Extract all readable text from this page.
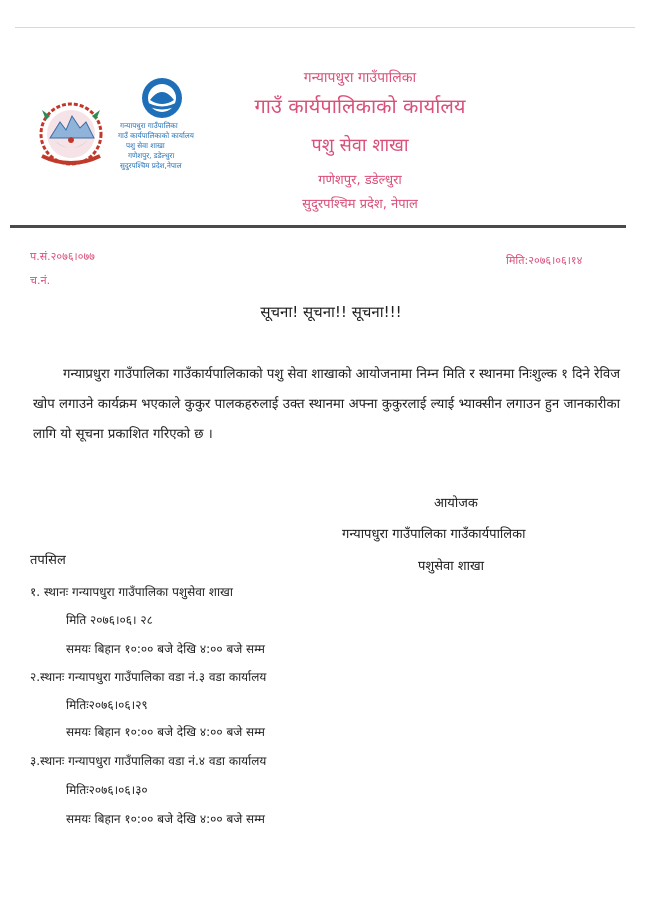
गन्यापधुरा गाउँपालिका
गाउँ कार्यपालिकाको कार्यालय
पशु सेवा शाखा
गणेशपुर, डडेल्धुरा
सुदुरपश्चिम प्रदेश,नेपाल
गन्यापधुरा गाउँपालिका
गाउँ कार्यपालिकाको कार्यालय
पशु सेवा शाखा
गणेशपुर, डडेल्धुरा
सुदुरपश्चिम प्रदेश, नेपाल
प.सं.२०७६।०७७
च.नं.
मिति:२०७६।०६।१४
सूचना! सूचना!! सूचना!!!
गन्याप्रधुरा गाउँपालिका गाउँकार्यपालिकाको पशु सेवा शाखाको आयोजनामा निम्न मिति र स्थानमा निःशुल्क १ दिने रेविज खोप लगाउने कार्यक्रम भएकाले कुकुर पालकहरुलाई उक्त स्थानमा अफ्ना कुकुरलाई ल्याई भ्याक्सीन लगाउन हुन जानकारीका लागि यो सूचना प्रकाशित गरिएको छ ।
आयोजक
गन्यापधुरा गाउँपालिका गाउँकार्यपालिका
पशुसेवा शाखा
तपसिल
१. स्थानः गन्यापधुरा गाउँपालिका पशुसेवा शाखा
मिति २०७६।०६। २८
समयः बिहान १०:०० बजे देखि ४:०० बजे सम्म
२.स्थानः गन्यापधुरा गाउँपालिका वडा नं.३ वडा कार्यालय
मितिः२०७६।०६।२९
समयः बिहान १०:०० बजे देखि ४:०० बजे सम्म
३.स्थानः गन्यापधुरा गाउँपालिका वडा नं.४ वडा कार्यालय
मितिः२०७६।०६।३०
समयः बिहान १०:०० बजे देखि ४:०० बजे सम्म
